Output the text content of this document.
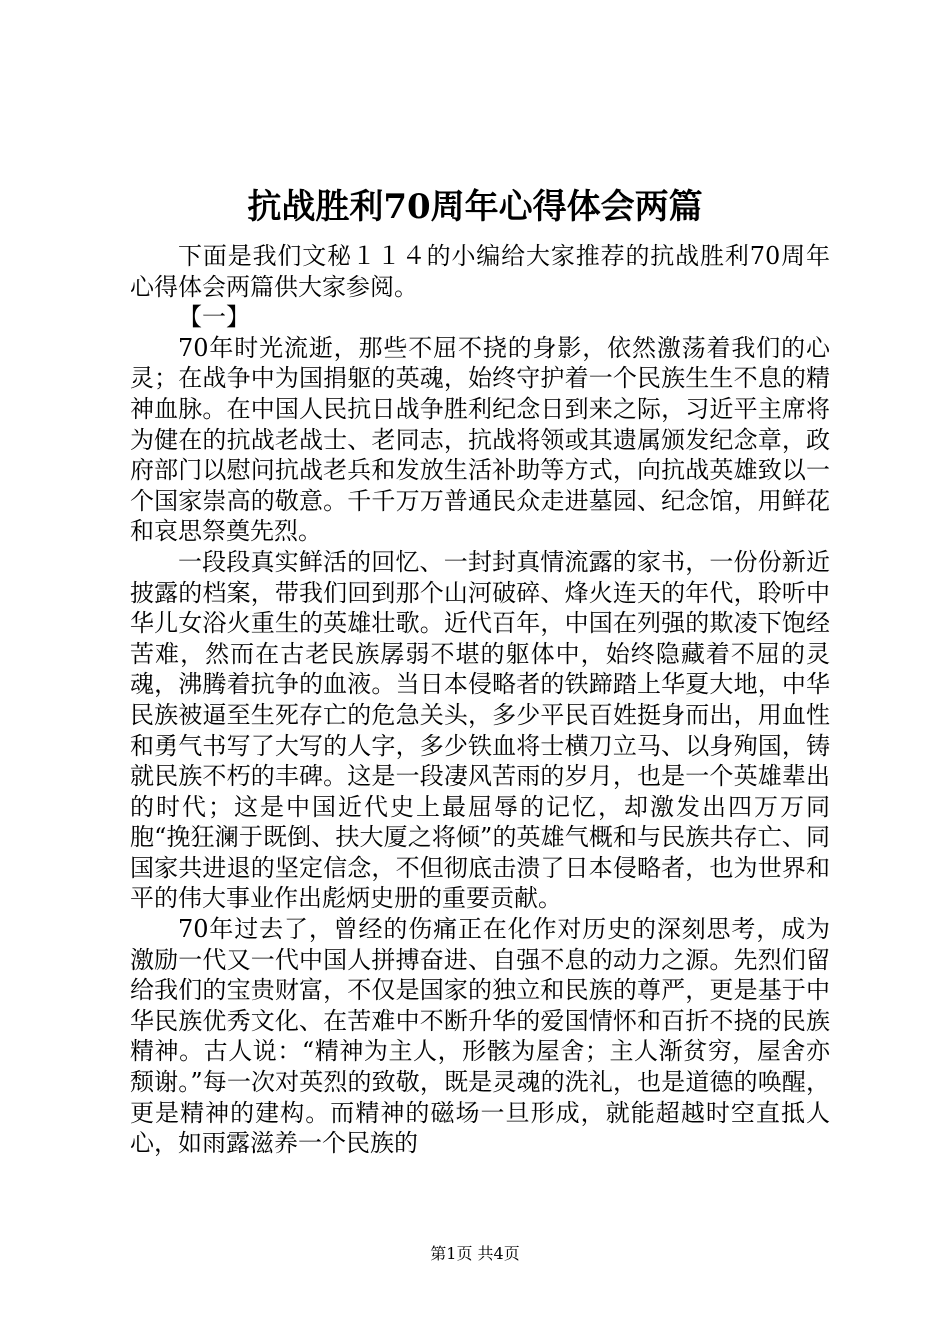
抗战胜利70周年心得体会两篇

下面是我们文秘１１４的小编给大家推荐的抗战胜利70周年心得体会两篇供大家参阅。

【一】

70年时光流逝，那些不屈不挠的身影，依然激荡着我们的心灵；在战争中为国捐躯的英魂，始终守护着一个民族生生不息的精神血脉。在中国人民抗日战争胜利纪念日到来之际，习近平主席将为健在的抗战老战士、老同志，抗战将领或其遗属颁发纪念章，政府部门以慰问抗战老兵和发放生活补助等方式，向抗战英雄致以一个国家崇高的敬意。千千万万普通民众走进墓园、纪念馆，用鲜花和哀思祭奠先烈。

一段段真实鲜活的回忆、一封封真情流露的家书，一份份新近披露的档案，带我们回到那个山河破碎、烽火连天的年代，聆听中华儿女浴火重生的英雄壮歌。近代百年，中国在列强的欺凌下饱经苦难，然而在古老民族孱弱不堪的躯体中，始终隐藏着不屈的灵魂，沸腾着抗争的血液。当日本侵略者的铁蹄踏上华夏大地，中华民族被逼至生死存亡的危急关头，多少平民百姓挺身而出，用血性和勇气书写了大写的人字，多少铁血将士横刀立马、以身殉国，铸就民族不朽的丰碑。这是一段凄风苦雨的岁月，也是一个英雄辈出的时代；这是中国近代史上最屈辱的记忆，却激发出四万万同胞“挽狂澜于既倒、扶大厦之将倾”的英雄气概和与民族共存亡、同国家共进退的坚定信念，不但彻底击溃了日本侵略者，也为世界和平的伟大事业作出彪炳史册的重要贡献。

70年过去了，曾经的伤痛正在化作对历史的深刻思考，成为激励一代又一代中国人拼搏奋进、自强不息的动力之源。先烈们留给我们的宝贵财富，不仅是国家的独立和民族的尊严，更是基于中华民族优秀文化、在苦难中不断升华的爱国情怀和百折不挠的民族精神。古人说：“精神为主人，形骸为屋舍；主人渐贫穷，屋舍亦颓谢。”每一次对英烈的致敬，既是灵魂的洗礼，也是道德的唤醒，更是精神的建构。而精神的磁场一旦形成，就能超越时空直抵人心，如雨露滋养一个民族的

第1页 共4页
